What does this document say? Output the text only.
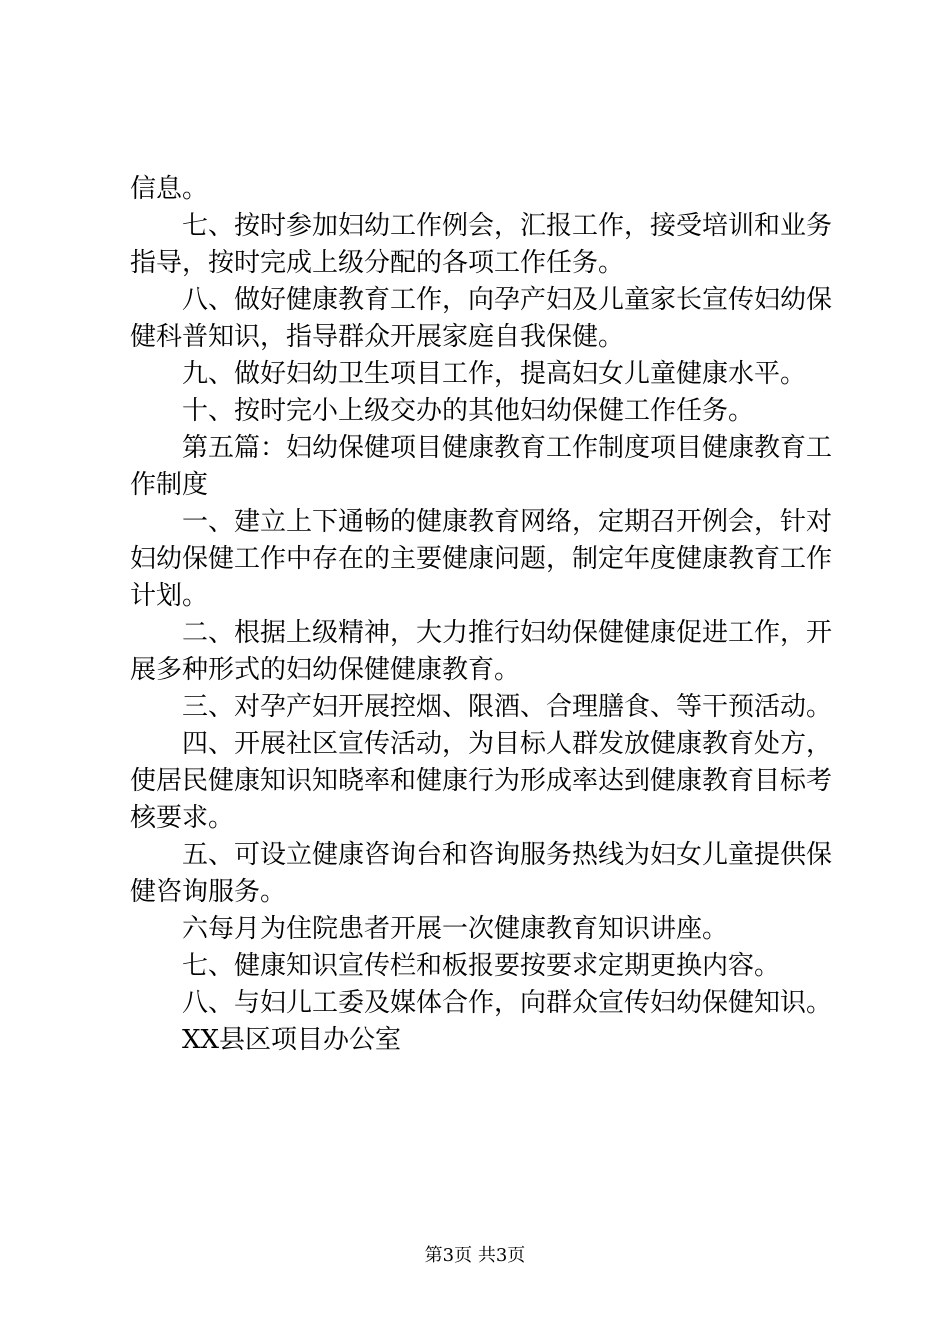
信息。
七、按时参加妇幼工作例会，汇报工作，接受培训和业务
指导，按时完成上级分配的各项工作任务。
八、做好健康教育工作，向孕产妇及儿童家长宣传妇幼保
健科普知识，指导群众开展家庭自我保健。
九、做好妇幼卫生项目工作，提高妇女儿童健康水平。
十、按时完小上级交办的其他妇幼保健工作任务。
第五篇：妇幼保健项目健康教育工作制度项目健康教育工
作制度
一、建立上下通畅的健康教育网络，定期召开例会，针对
妇幼保健工作中存在的主要健康问题，制定年度健康教育工作
计划。
二、根据上级精神，大力推行妇幼保健健康促进工作，开
展多种形式的妇幼保健健康教育。
三、对孕产妇开展控烟、限酒、合理膳食、等干预活动。
四、开展社区宣传活动，为目标人群发放健康教育处方，
使居民健康知识知晓率和健康行为形成率达到健康教育目标考
核要求。
五、可设立健康咨询台和咨询服务热线为妇女儿童提供保
健咨询服务。
六每月为住院患者开展一次健康教育知识讲座。
七、健康知识宣传栏和板报要按要求定期更换内容。
八、与妇儿工委及媒体合作，向群众宣传妇幼保健知识。
XX县区项目办公室
第3页 共3页
